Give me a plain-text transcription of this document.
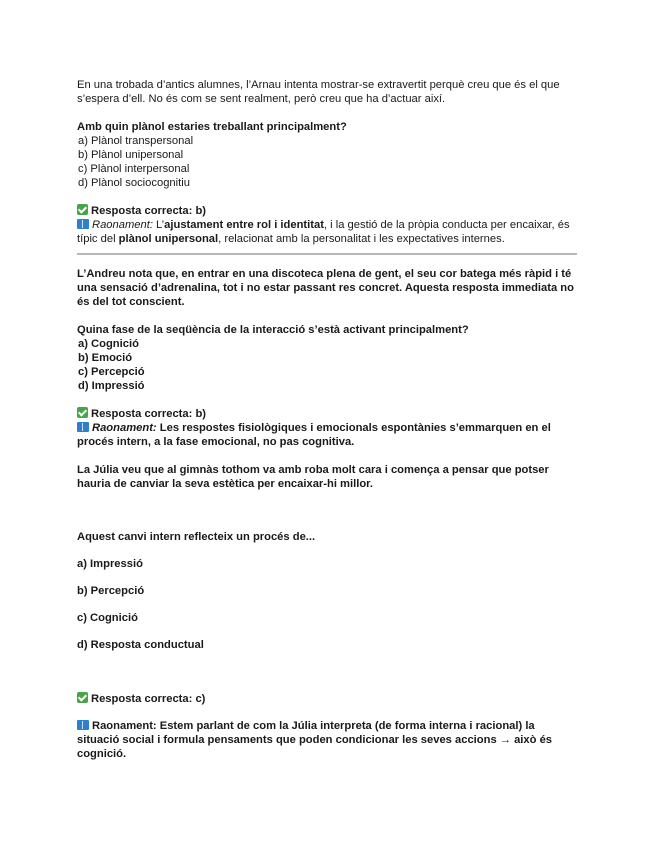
En una trobada d’antics alumnes, l’Arnau intenta mostrar-se extravertit perquè creu que és el que s’espera d’ell. No és com se sent realment, però creu que ha d’actuar així.

Amb quin plànol estaries treballant principalment?

a) Plànol transpersonal

b) Plànol unipersonal

c) Plànol interpersonal

d) Plànol sociocognitiu

Resposta correcta: b)

Raonament: L’ajustament entre rol i identitat, i la gestió de la pròpia conducta per encaixar, és típic del plànol unipersonal, relacionat amb la personalitat i les expectatives internes.

L’Andreu nota que, en entrar en una discoteca plena de gent, el seu cor batega més ràpid i té una sensació d’adrenalina, tot i no estar passant res concret. Aquesta resposta immediata no és del tot conscient.

Quina fase de la seqüència de la interacció s’està activant principalment?

a) Cognició

b) Emoció

c) Percepció

d) Impressió

Resposta correcta: b)

Raonament: Les respostes fisiològiques i emocionals espontànies s’emmarquen en el procés intern, a la fase emocional, no pas cognitiva.

La Júlia veu que al gimnàs tothom va amb roba molt cara i comença a pensar que potser hauria de canviar la seva estètica per encaixar-hi millor.

Aquest canvi intern reflecteix un procés de...

a) Impressió

b) Percepció

c) Cognició

d) Resposta conductual

Resposta correcta: c)

Raonament: Estem parlant de com la Júlia interpreta (de forma interna i racional) la situació social i formula pensaments que poden condicionar les seves accions → això és cognició.
